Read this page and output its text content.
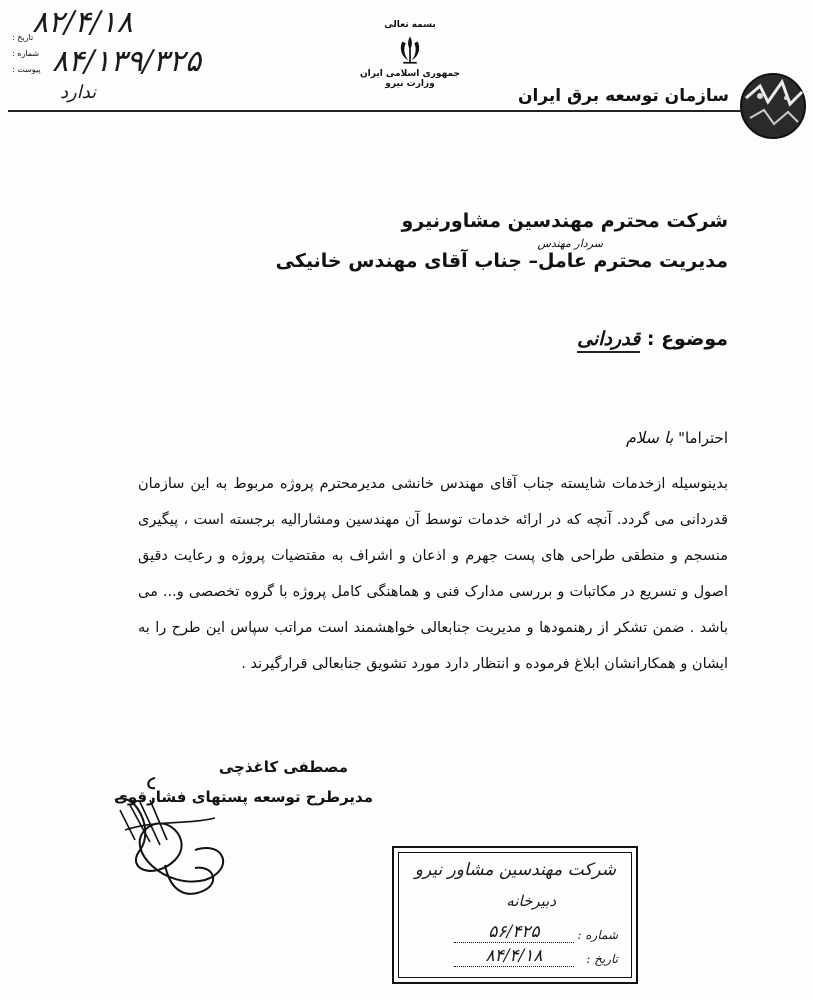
: تاریخ
: شماره
: پیوست
۸۲/۴/۱۸
۸۴/۱۳۹/۳۲۵
ندارد
بسمه تعالی
جمهوری اسلامی ایران
وزارت نیرو
سازمان توسعه برق ایران
شرکت محترم مهندسین مشاورنیرو
سردار مهندس
مدیریت محترم عامل– جناب آقای مهندس خانیکی
موضوع : قدردانی
احتراما" با سلام
بدینوسیله ازخدمات شایسته جناب آقای مهندس خانشی مدیرمحترم پروژه مربوط به این سازمان قدردانی می گردد. آنچه که در ارائه خدمات توسط آن مهندسین ومشاراليه برجسته است ، پیگیری منسجم و منطقی طراحی های پست جهرم و اذعان و اشراف به مقتضیات پروژه و رعایت دقیق اصول و تسریع در مکاتبات و بررسی مدارک فنی و هماهنگی کامل پروژه با گروه تخصصی و... می باشد . ضمن تشکر از رهنمودها و مدیریت جنابعالی خواهشمند است مراتب سپاس این طرح را به ایشان و همکارانشان ابلاغ فرموده و انتظار دارد مورد تشویق جنابعالی قرارگیرند .
مصطفی کاغذچی
مدیرطرح توسعه پستهای فشارقوی
شرکت مهندسین مشاور نیرو
دبیرخانه
شماره :
۵۶/۴۲۵
تاریخ :
۸۴/۴/۱۸
